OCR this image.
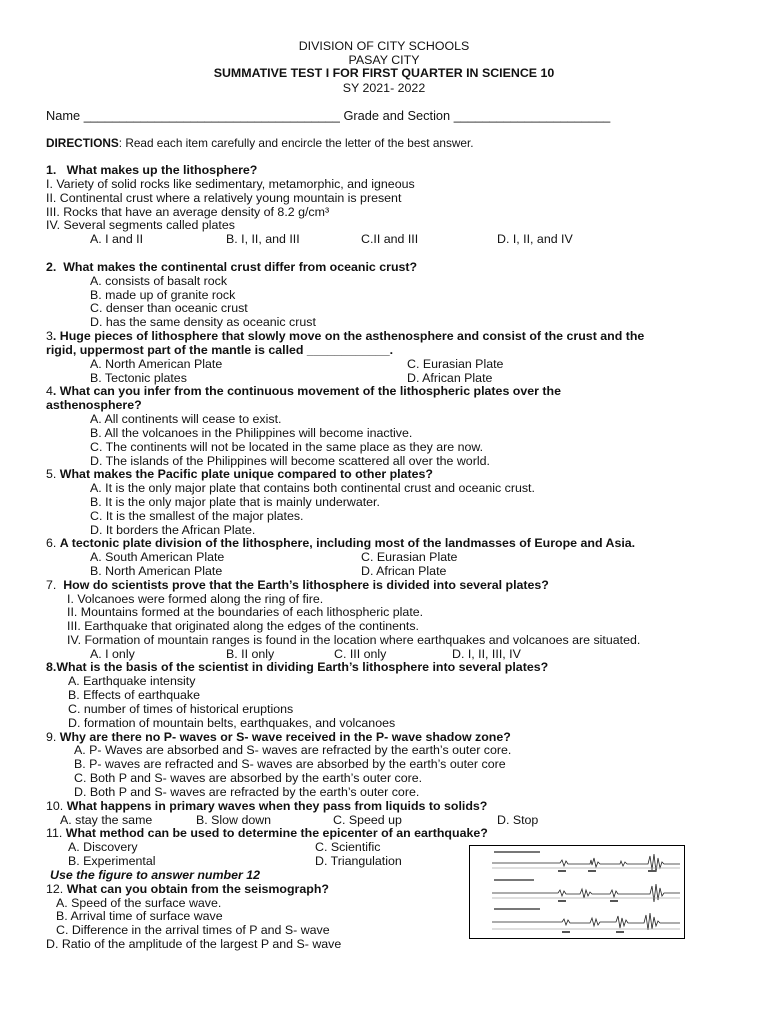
DIVISION OF CITY SCHOOLS
PASAY CITY
SUMMATIVE TEST I FOR FIRST QUARTER IN SCIENCE 10
SY 2021- 2022
Name ____________________________________ Grade and Section ______________________
DIRECTIONS: Read each item carefully and encircle the letter of the best answer.
1. What makes up the lithosphere?
I. Variety of solid rocks like sedimentary, metamorphic, and igneous
II. Continental crust where a relatively young mountain is present
III. Rocks that have an average density of 8.2 g/cm³
IV. Several segments called plates
A. I and II	B. I, II, and III	C.II and III	D. I, II, and IV
2. What makes the continental crust differ from oceanic crust?
A. consists of basalt rock
B. made up of granite rock
C. denser than oceanic crust
D. has the same density as oceanic crust
3. Huge pieces of lithosphere that slowly move on the asthenosphere and consist of the crust and the
rigid, uppermost part of the mantle is called ____________.
A. North American Plate	C. Eurasian Plate
B. Tectonic plates	D. African Plate
4. What can you infer from the continuous movement of the lithospheric plates over the
asthenosphere?
A. All continents will cease to exist.
B. All the volcanoes in the Philippines will become inactive.
C. The continents will not be located in the same place as they are now.
D. The islands of the Philippines will become scattered all over the world.
5. What makes the Pacific plate unique compared to other plates?
A. It is the only major plate that contains both continental crust and oceanic crust.
B. It is the only major plate that is mainly underwater.
C. It is the smallest of the major plates.
D. It borders the African Plate.
6. A tectonic plate division of the lithosphere, including most of the landmasses of Europe and Asia.
A. South American Plate	C. Eurasian Plate
B. North American Plate	D. African Plate
7. How do scientists prove that the Earth’s lithosphere is divided into several plates?
I. Volcanoes were formed along the ring of fire.
II. Mountains formed at the boundaries of each lithospheric plate.
III. Earthquake that originated along the edges of the continents.
IV. Formation of mountain ranges is found in the location where earthquakes and volcanoes are situated.
A. I only	B. II only	C. III only	D. I, II, III, IV
8.What is the basis of the scientist in dividing Earth’s lithosphere into several plates?
A. Earthquake intensity
B. Effects of earthquake
C. number of times of historical eruptions
D. formation of mountain belts, earthquakes, and volcanoes
9. Why are there no P- waves or S- wave received in the P- wave shadow zone?
A. P- Waves are absorbed and S- waves are refracted by the earth’s outer core.
B. P- waves are refracted and S- waves are absorbed by the earth’s outer core
C. Both P and S- waves are absorbed by the earth’s outer core.
D. Both P and S- waves are refracted by the earth’s outer core.
10. What happens in primary waves when they pass from liquids to solids?
A. stay the same	B. Slow down	C. Speed up	D. Stop
11. What method can be used to determine the epicenter of an earthquake?
A. Discovery	C. Scientific
B. Experimental	D. Triangulation
Use the figure to answer number 12
12. What can you obtain from the seismograph?
A. Speed of the surface wave.
B. Arrival time of surface wave
C. Difference in the arrival times of P and S- wave
D. Ratio of the amplitude of the largest P and S- wave
